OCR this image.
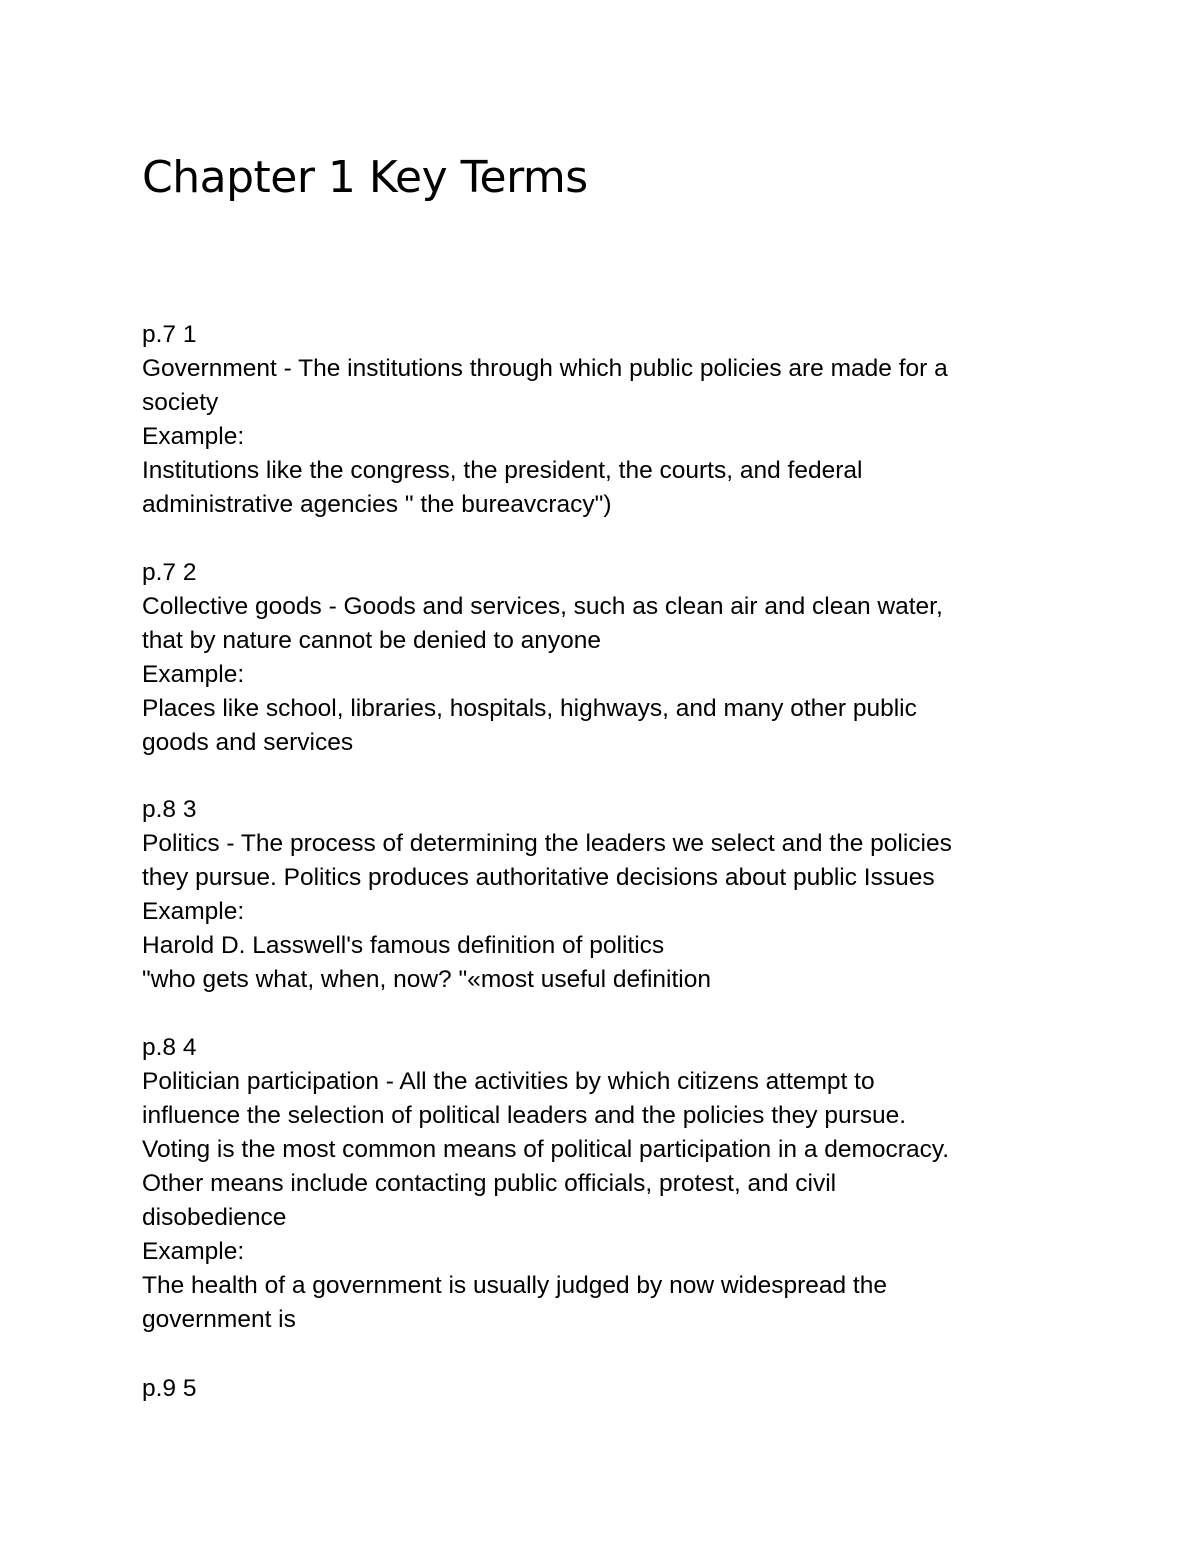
Chapter 1 Key Terms
p.7 1
Government - The institutions through which public policies are made for a
society
Example:
Institutions like the congress, the president, the courts, and federal
administrative agencies " the bureavcracy")
p.7 2
Collective goods - Goods and services, such as clean air and clean water,
that by nature cannot be denied to anyone
Example:
Places like school, libraries, hospitals, highways, and many other public
goods and services
p.8 3
Politics - The process of determining the leaders we select and the policies
they pursue. Politics produces authoritative decisions about public Issues
Example:
Harold D. Lasswell's famous definition of politics
"who gets what, when, now? "«most useful definition
p.8 4
Politician participation - All the activities by which citizens attempt to
influence the selection of political leaders and the policies they pursue.
Voting is the most common means of political participation in a democracy.
Other means include contacting public officials, protest, and civil
disobedience
Example:
The health of a government is usually judged by now widespread the
government is
p.9 5
